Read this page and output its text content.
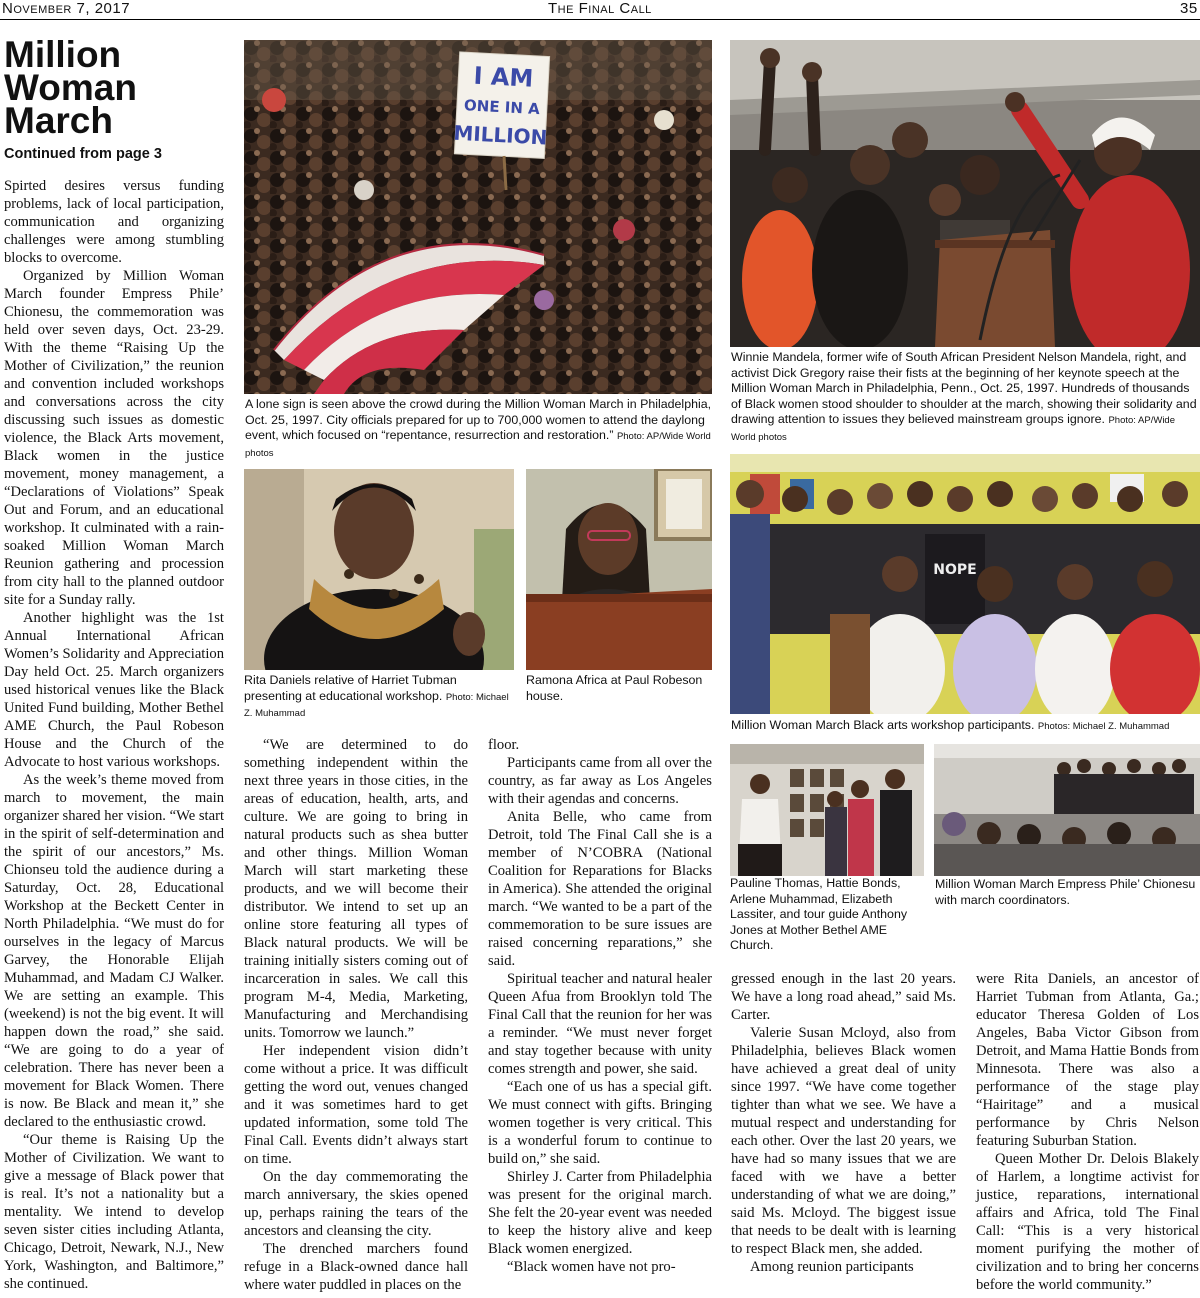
November 7, 2017	The Final Call	35
Million
Woman
March
Continued from page 3

Spirted desires versus funding problems, lack of local participation, communication and organizing challenges were among stumbling blocks to overcome.

Organized by Million Woman March founder Empress Phile’ Chionesu, the commemoration was held over seven days, Oct. 23-29. With the theme “Raising Up the Mother of Civilization,” the reunion and convention included workshops and conversations across the city discussing such issues as domestic violence, the Black Arts movement, Black women in the justice movement, money management, a “Declarations of Violations” Speak Out and Forum, and an educational workshop. It culminated with a rain-soaked Million Woman March Reunion gathering and procession from city hall to the planned outdoor site for a Sunday rally.

Another highlight was the 1st Annual International African Women’s Solidarity and Appreciation Day held Oct. 25. March organizers used historical venues like the Black United Fund building, Mother Bethel AME Church, the Paul Robeson House and the Church of the Advocate to host various workshops.

As the week’s theme moved from march to movement, the main organizer shared her vision. “We start in the spirit of self-determination and the spirit of our ancestors,” Ms. Chionseu told the audience during a Saturday, Oct. 28, Educational Workshop at the Beckett Center in North Philadelphia. “We must do for ourselves in the legacy of Marcus Garvey, the Honorable Elijah Muhammad, and Madam CJ Walker. We are setting an example. This (weekend) is not the big event. It will happen down the road,” she said. “We are going to do a year of celebration. There has never been a movement for Black Women. There is now. Be Black and mean it,” she declared to the enthusiastic crowd.

“Our theme is Raising Up the Mother of Civilization. We want to give a message of Black power that is real. It’s not a nationality but a mentality. We intend to develop seven sister cities including Atlanta, Chicago, Detroit, Newark, N.J., New York, Washington, and Baltimore,” she continued.

I AM
ONE IN A
MILLION
A lone sign is seen above the crowd during the Million Woman March in Philadelphia, Oct. 25, 1997. City officials prepared for up to 700,000 women to attend the daylong event, which focused on “repentance, resurrection and restoration.” Photo: AP/Wide World photos
Winnie Mandela, former wife of South African President Nelson Mandela, right, and activist Dick Gregory raise their fists at the beginning of her keynote speech at the Million Woman March in Philadelphia, Penn., Oct. 25, 1997. Hundreds of thousands of Black women stood shoulder to shoulder at the march, showing their solidarity and drawing attention to issues they believed mainstream groups ignore. Photo: AP/Wide World photos
Rita Daniels relative of Harriet Tubman presenting at educational workshop. Photo: Michael Z. Muhammad
Ramona Africa at Paul Robeson house.
NOPE
Million Woman March Black arts workshop participants. Photos: Michael Z. Muhammad
Pauline Thomas, Hattie Bonds, Arlene Muhammad, Elizabeth Lassiter, and tour guide Anthony Jones at Mother Bethel AME Church.
Million Woman March Empress Phile’ Chionesu with march coordinators.

“We are determined to do something independent within the next three years in those cities, in the areas of education, health, arts, and culture. We are going to bring in natural products such as shea butter and other things. Million Woman March will start marketing these products, and we will become their distributor. We intend to set up an online store featuring all types of Black natural products. We will be training initially sisters coming out of incarceration in sales. We call this program M-4, Media, Marketing, Manufacturing and Merchandising units. Tomorrow we launch.”

Her independent vision didn’t come without a price. It was difficult getting the word out, venues changed and it was sometimes hard to get updated information, some told The Final Call. Events didn’t always start on time.

On the day commemorating the march anniversary, the skies opened up, perhaps raining the tears of the ancestors and cleansing the city.

The drenched marchers found refuge in a Black-owned dance hall where water puddled in places on the

floor.

Participants came from all over the country, as far away as Los Angeles with their agendas and concerns.

Anita Belle, who came from Detroit, told The Final Call she is a member of N’COBRA (National Coalition for Reparations for Blacks in America). She attended the original march. “We wanted to be a part of the commemoration to be sure issues are raised concerning reparations,” she said.

Spiritual teacher and natural healer Queen Afua from Brooklyn told The Final Call that the reunion for her was a reminder. “We must never forget and stay together because with unity comes strength and power, she said.

“Each one of us has a special gift. We must connect with gifts. Bringing women together is very critical. This is a wonderful forum to continue to build on,” she said.

Shirley J. Carter from Philadelphia was present for the original march. She felt the 20-year event was needed to keep the history alive and keep Black women energized.

“Black women have not pro-

gressed enough in the last 20 years. We have a long road ahead,” said Ms. Carter.

Valerie Susan Mcloyd, also from Philadelphia, believes Black women have achieved a great deal of unity since 1997. “We have come together tighter than what we see. We have a mutual respect and understanding for each other. Over the last 20 years, we have had so many issues that we are faced with we have a better understanding of what we are doing,” said Ms. Mcloyd. The biggest issue that needs to be dealt with is learning to respect Black men, she added.

Among reunion participants

were Rita Daniels, an ancestor of Harriet Tubman from Atlanta, Ga.; educator Theresa Golden of Los Angeles, Baba Victor Gibson from Detroit, and Mama Hattie Bonds from Minnesota. There was also a performance of the stage play “Hairitage” and a musical performance by Chris Nelson featuring Suburban Station.

Queen Mother Dr. Delois Blakely of Harlem, a longtime activist for justice, reparations, international affairs and Africa, told The Final Call: “This is a very historical moment purifying the mother of civilization and to bring her concerns before the world community.”
